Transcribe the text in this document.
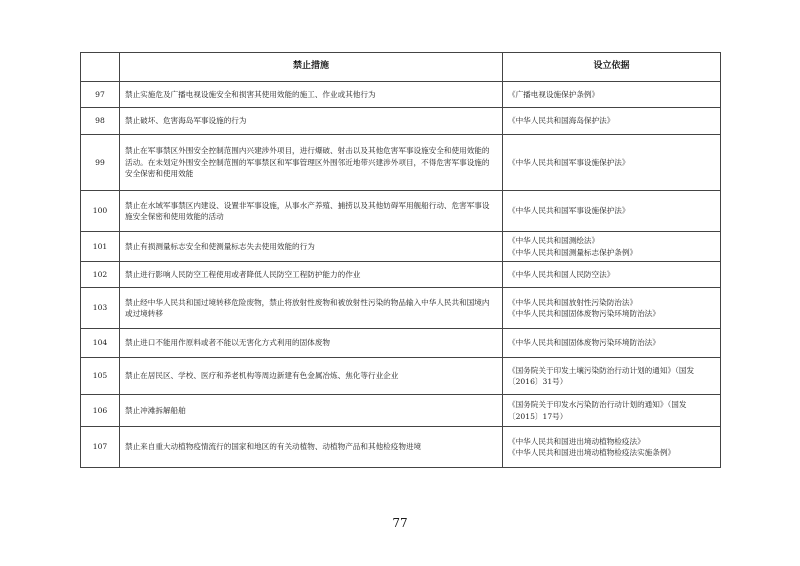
	禁止措施	设立依据
97	禁止实施危及广播电视设施安全和损害其使用效能的施工、作业或其他行为	《广播电视设施保护条例》

98	禁止破坏、危害海岛军事设施的行为	《中华人民共和国海岛保护法》

99	禁止在军事禁区外围安全控制范围内兴建涉外项目，进行爆破、射击以及其他危害军事设施安全和使用效能的活动。在未划定外围安全控制范围的军事禁区和军事管理区外围邻近地带兴建涉外项目，不得危害军事设施的安全保密和使用效能	《中华人民共和国军事设施保护法》

100	禁止在水域军事禁区内建设、设置非军事设施，从事水产养殖、捕捞以及其他妨碍军用舰船行动、危害军事设施安全保密和使用效能的活动	《中华人民共和国军事设施保护法》

101	禁止有损测量标志安全和使测量标志失去使用效能的行为	《中华人民共和国测绘法》
《中华人民共和国测量标志保护条例》

102	禁止进行影响人民防空工程使用或者降低人民防空工程防护能力的作业	《中华人民共和国人民防空法》

103	禁止经中华人民共和国过境转移危险废物，禁止将放射性废物和被放射性污染的物品输入中华人民共和国境内或过境转移	《中华人民共和国放射性污染防治法》
《中华人民共和国固体废物污染环境防治法》

104	禁止进口不能用作原料或者不能以无害化方式利用的固体废物	《中华人民共和国固体废物污染环境防治法》

105	禁止在居民区、学校、医疗和养老机构等周边新建有色金属冶炼、焦化等行业企业	《国务院关于印发土壤污染防治行动计划的通知》（国发〔2016〕31号）

106	禁止冲滩拆解船舶	《国务院关于印发水污染防治行动计划的通知》（国发〔2015〕17号）

107	禁止来自重大动植物疫情流行的国家和地区的有关动植物、动植物产品和其他检疫物进境	《中华人民共和国进出境动植物检疫法》
《中华人民共和国进出境动植物检疫法实施条例》
77
